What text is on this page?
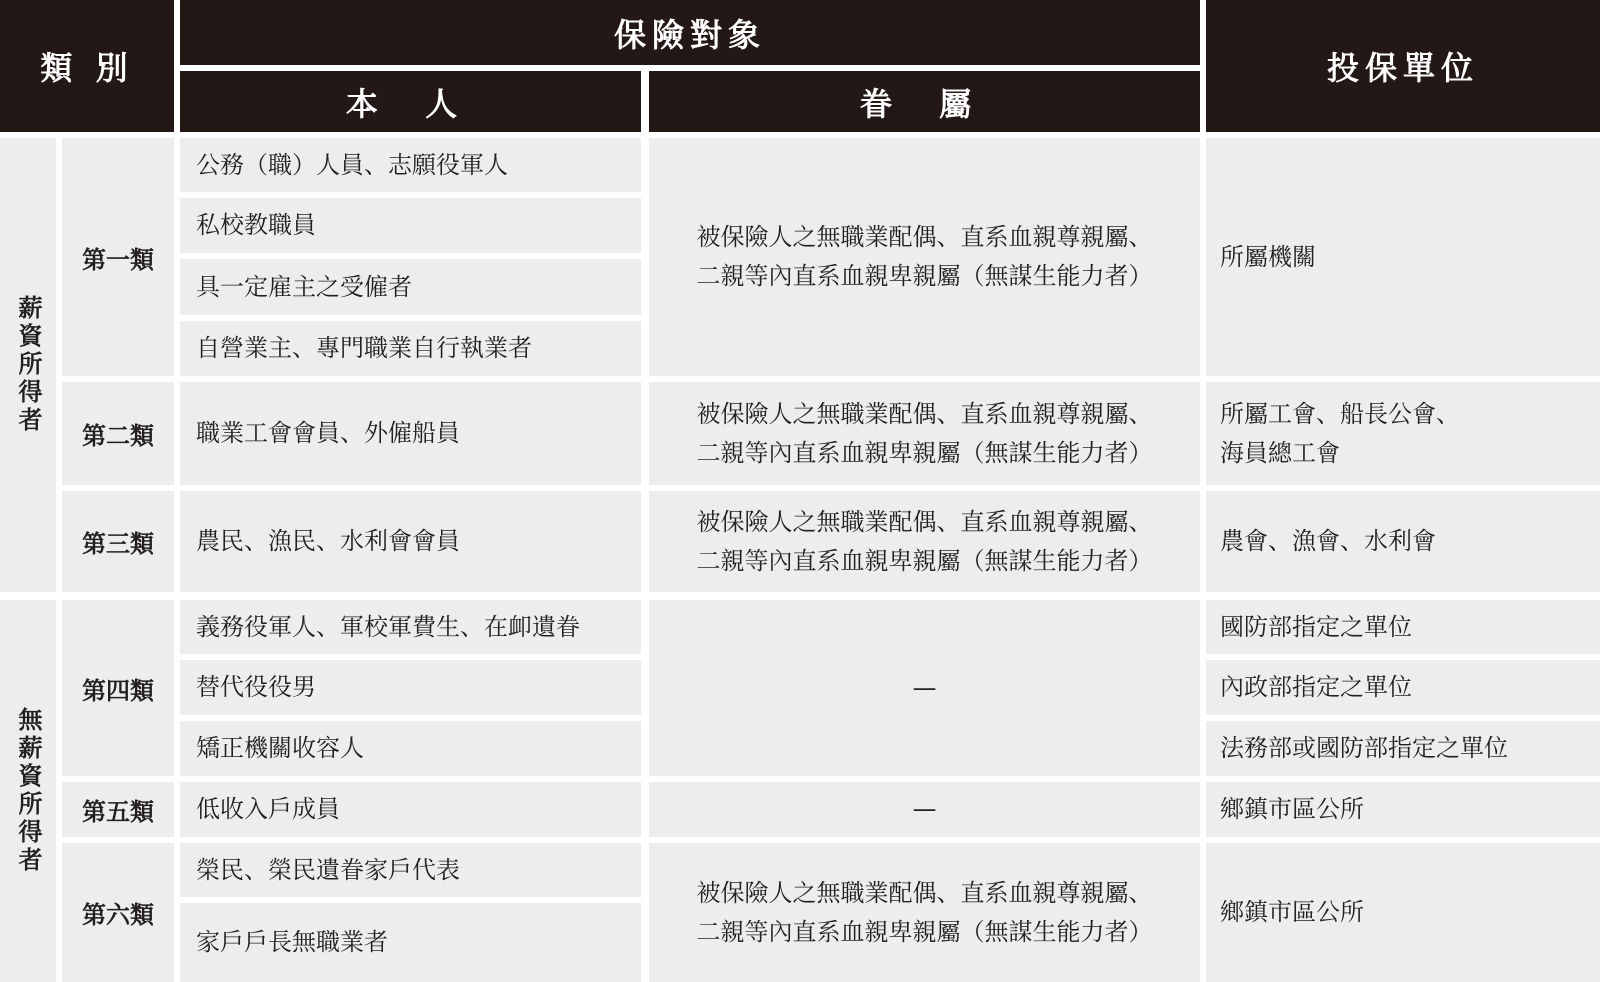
類 別
保險對象
本 人	眷 屬
投保單位
薪資所得者
無薪資所得者
第一類
第二類
第三類
第四類
第五類
第六類
公務（職）人員、志願役軍人
私校教職員
具一定雇主之受僱者
自營業主、專門職業自行執業者
職業工會會員、外僱船員
農民、漁民、水利會會員
義務役軍人、軍校軍費生、在卹遺眷
替代役役男
矯正機關收容人
低收入戶成員
榮民、榮民遺眷家戶代表
家戶戶長無職業者
被保險人之無職業配偶、直系血親尊親屬、
二親等內直系血親卑親屬（無謀生能力者）
被保險人之無職業配偶、直系血親尊親屬、
二親等內直系血親卑親屬（無謀生能力者）
被保險人之無職業配偶、直系血親尊親屬、
二親等內直系血親卑親屬（無謀生能力者）
—
—
被保險人之無職業配偶、直系血親尊親屬、
二親等內直系血親卑親屬（無謀生能力者）
所屬機關
所屬工會、船長公會、
海員總工會
農會、漁會、水利會
國防部指定之單位
內政部指定之單位
法務部或國防部指定之單位
鄉鎮市區公所
鄉鎮市區公所
